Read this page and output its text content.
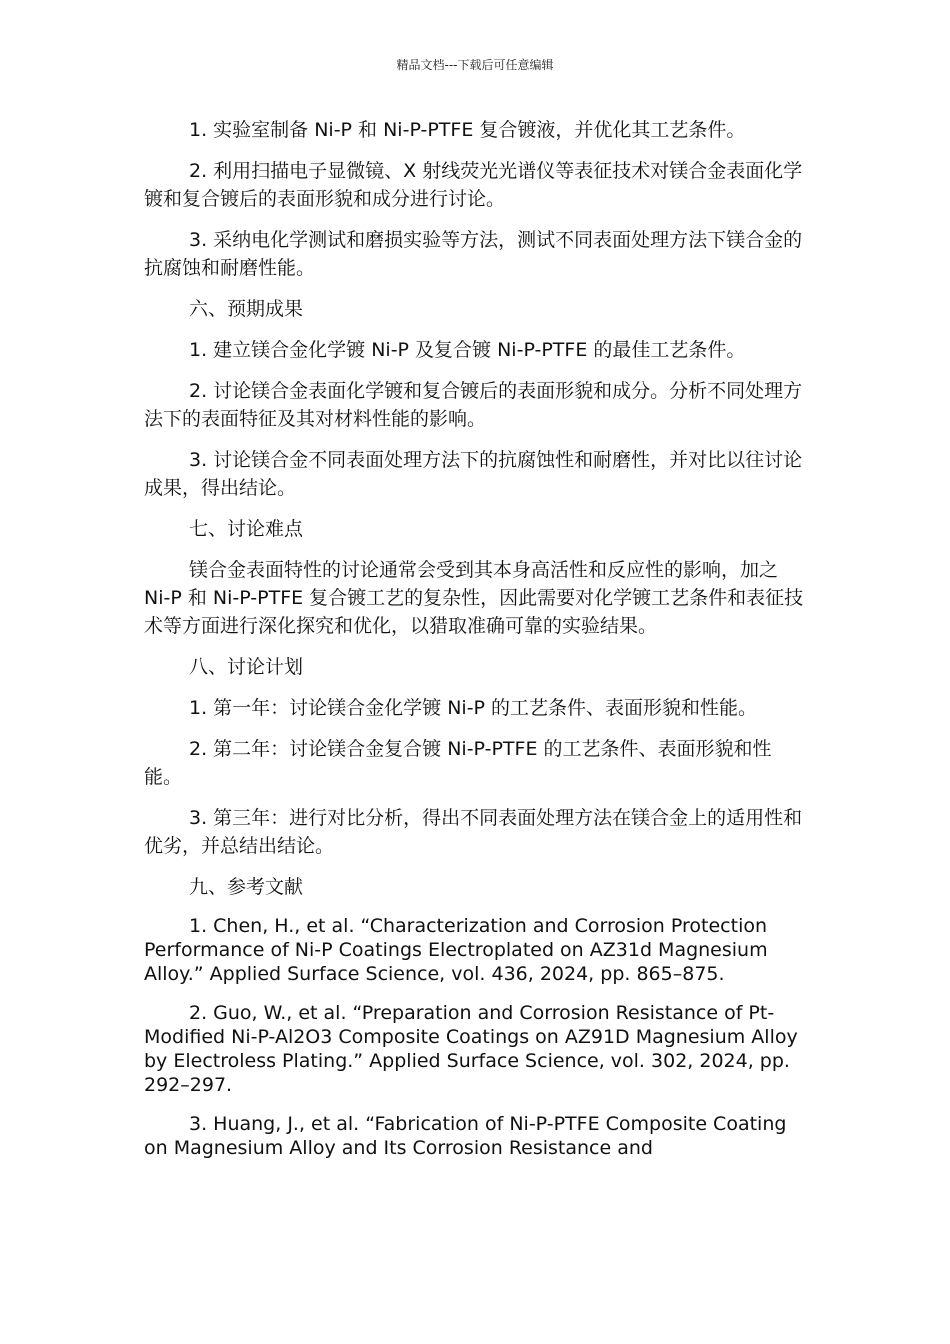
精品文档---下载后可任意编辑

1. 实验室制备 Ni-P 和 Ni-P-PTFE 复合镀液，并优化其工艺条件。

2. 利用扫描电子显微镜、X 射线荧光光谱仪等表征技术对镁合金表面化学镀和复合镀后的表面形貌和成分进行讨论。

3. 采纳电化学测试和磨损实验等方法，测试不同表面处理方法下镁合金的抗腐蚀和耐磨性能。

六、预期成果

1. 建立镁合金化学镀 Ni-P 及复合镀 Ni-P-PTFE 的最佳工艺条件。

2. 讨论镁合金表面化学镀和复合镀后的表面形貌和成分。分析不同处理方法下的表面特征及其对材料性能的影响。

3. 讨论镁合金不同表面处理方法下的抗腐蚀性和耐磨性，并对比以往讨论成果，得出结论。

七、讨论难点

镁合金表面特性的讨论通常会受到其本身高活性和反应性的影响，加之 Ni-P 和 Ni-P-PTFE 复合镀工艺的复杂性，因此需要对化学镀工艺条件和表征技术等方面进行深化探究和优化，以猎取准确可靠的实验结果。

八、讨论计划

1. 第一年：讨论镁合金化学镀 Ni-P 的工艺条件、表面形貌和性能。

2. 第二年：讨论镁合金复合镀 Ni-P-PTFE 的工艺条件、表面形貌和性能。

3. 第三年：进行对比分析，得出不同表面处理方法在镁合金上的适用性和优劣，并总结出结论。

九、参考文献

1. Chen, H., et al. “Characterization and Corrosion Protection Performance of Ni-P Coatings Electroplated on AZ31d Magnesium Alloy.” Applied Surface Science, vol. 436, 2024, pp. 865–875.

2. Guo, W., et al. “Preparation and Corrosion Resistance of Pt-Modified Ni-P-Al2O3 Composite Coatings on AZ91D Magnesium Alloy by Electroless Plating.” Applied Surface Science, vol. 302, 2024, pp. 292–297.

3. Huang, J., et al. “Fabrication of Ni-P-PTFE Composite Coating on Magnesium Alloy and Its Corrosion Resistance and
